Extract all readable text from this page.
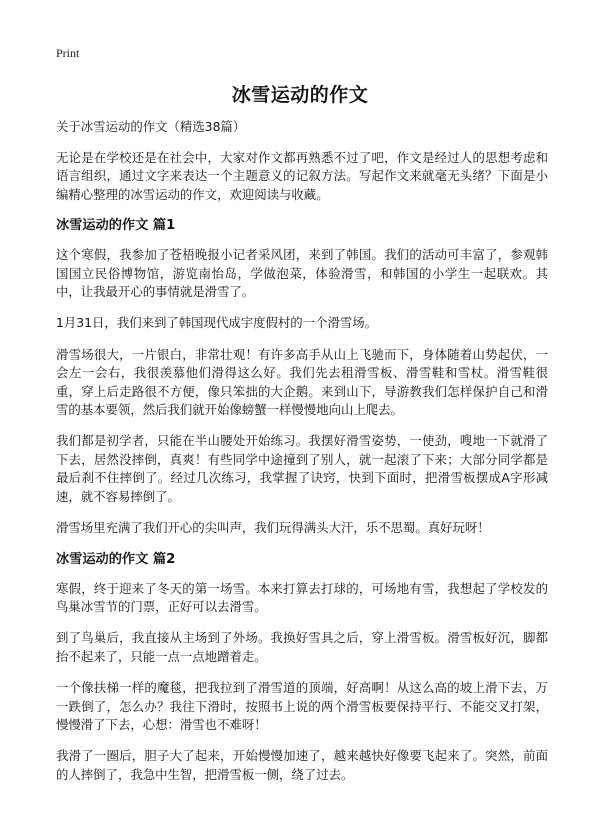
Print
冰雪运动的作文
关于冰雪运动的作文（精选38篇）

无论是在学校还是在社会中，大家对作文都再熟悉不过了吧，作文是经过人的思想考虑和语言组织，通过文字来表达一个主题意义的记叙方法。写起作文来就毫无头绪？下面是小编精心整理的冰雪运动的作文，欢迎阅读与收藏。

冰雪运动的作文 篇1

这个寒假，我参加了苍梧晚报小记者采风团，来到了韩国。我们的活动可丰富了，参观韩国国立民俗博物馆，游览南怡岛，学做泡菜，体验滑雪，和韩国的小学生一起联欢。其中，让我最开心的事情就是滑雪了。

1月31日，我们来到了韩国现代成宇度假村的一个滑雪场。

滑雪场很大，一片银白，非常壮观！有许多高手从山上飞驰而下，身体随着山势起伏，一会左一会右，我很羡慕他们滑得这么好。我们先去租滑雪板、滑雪鞋和雪杖。滑雪鞋很重，穿上后走路很不方便，像只笨拙的大企鹅。来到山下，导游教我们怎样保护自己和滑雪的基本要领，然后我们就开始像螃蟹一样慢慢地向山上爬去。

我们都是初学者，只能在半山腰处开始练习。我摆好滑雪姿势，一使劲，嗖地一下就滑了下去，居然没摔倒，真爽！有些同学中途撞到了别人，就一起滚了下来；大部分同学都是最后刹不住摔倒了。经过几次练习，我掌握了诀窍，快到下面时，把滑雪板摆成A字形减速，就不容易摔倒了。

滑雪场里充满了我们开心的尖叫声，我们玩得满头大汗，乐不思蜀。真好玩呀！

冰雪运动的作文 篇2

寒假，终于迎来了冬天的第一场雪。本来打算去打球的，可场地有雪，我想起了学校发的鸟巢冰雪节的门票，正好可以去滑雪。

到了鸟巢后，我直接从主场到了外场。我换好雪具之后，穿上滑雪板。滑雪板好沉，脚都抬不起来了，只能一点一点地蹭着走。

一个像扶梯一样的魔毯，把我拉到了滑雪道的顶端，好高啊！从这么高的坡上滑下去，万一跌倒了，怎么办？我往下滑时，按照书上说的两个滑雪板要保持平行、不能交叉打架，慢慢滑了下去，心想：滑雪也不难呀！

我滑了一圈后，胆子大了起来，开始慢慢加速了，越来越快好像要飞起来了。突然，前面的人摔倒了，我急中生智，把滑雪板一侧，绕了过去。
